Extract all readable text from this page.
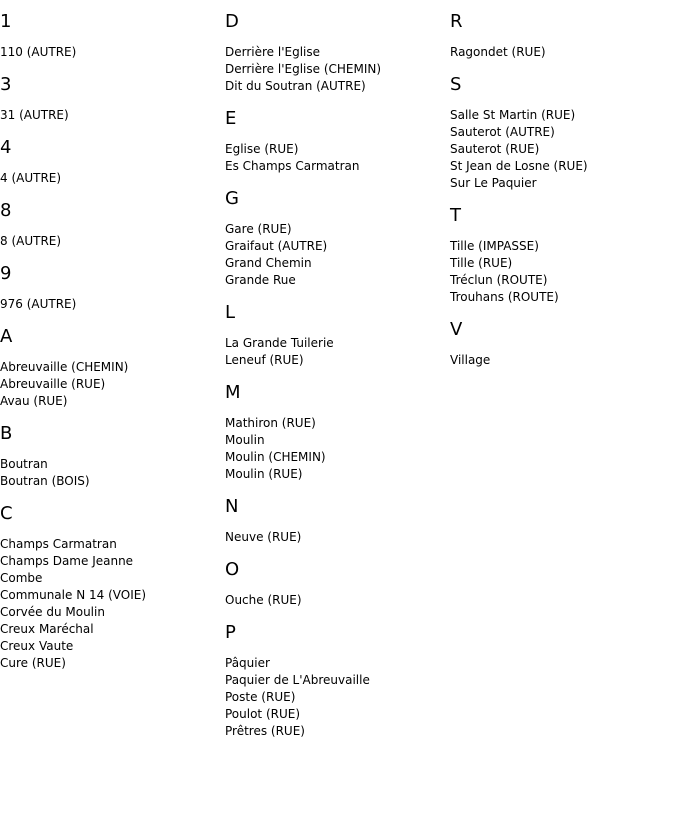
1
110 (AUTRE)
3
31 (AUTRE)
4
4 (AUTRE)
8
8 (AUTRE)
9
976 (AUTRE)
A
Abreuvaille (CHEMIN)
Abreuvaille (RUE)
Avau (RUE)
B
Boutran
Boutran (BOIS)
C
Champs Carmatran
Champs Dame Jeanne
Combe
Communale N 14 (VOIE)
Corvée du Moulin
Creux Maréchal
Creux Vaute
Cure (RUE)
D
Derrière l'Eglise
Derrière l'Eglise (CHEMIN)
Dit du Soutran (AUTRE)
E
Eglise (RUE)
Es Champs Carmatran
G
Gare (RUE)
Graifaut (AUTRE)
Grand Chemin
Grande Rue
L
La Grande Tuilerie
Leneuf (RUE)
M
Mathiron (RUE)
Moulin
Moulin (CHEMIN)
Moulin (RUE)
N
Neuve (RUE)
O
Ouche (RUE)
P
Pâquier
Paquier de L'Abreuvaille
Poste (RUE)
Poulot (RUE)
Prêtres (RUE)
R
Ragondet (RUE)
S
Salle St Martin (RUE)
Sauterot (AUTRE)
Sauterot (RUE)
St Jean de Losne (RUE)
Sur Le Paquier
T
Tille (IMPASSE)
Tille (RUE)
Tréclun (ROUTE)
Trouhans (ROUTE)
V
Village
